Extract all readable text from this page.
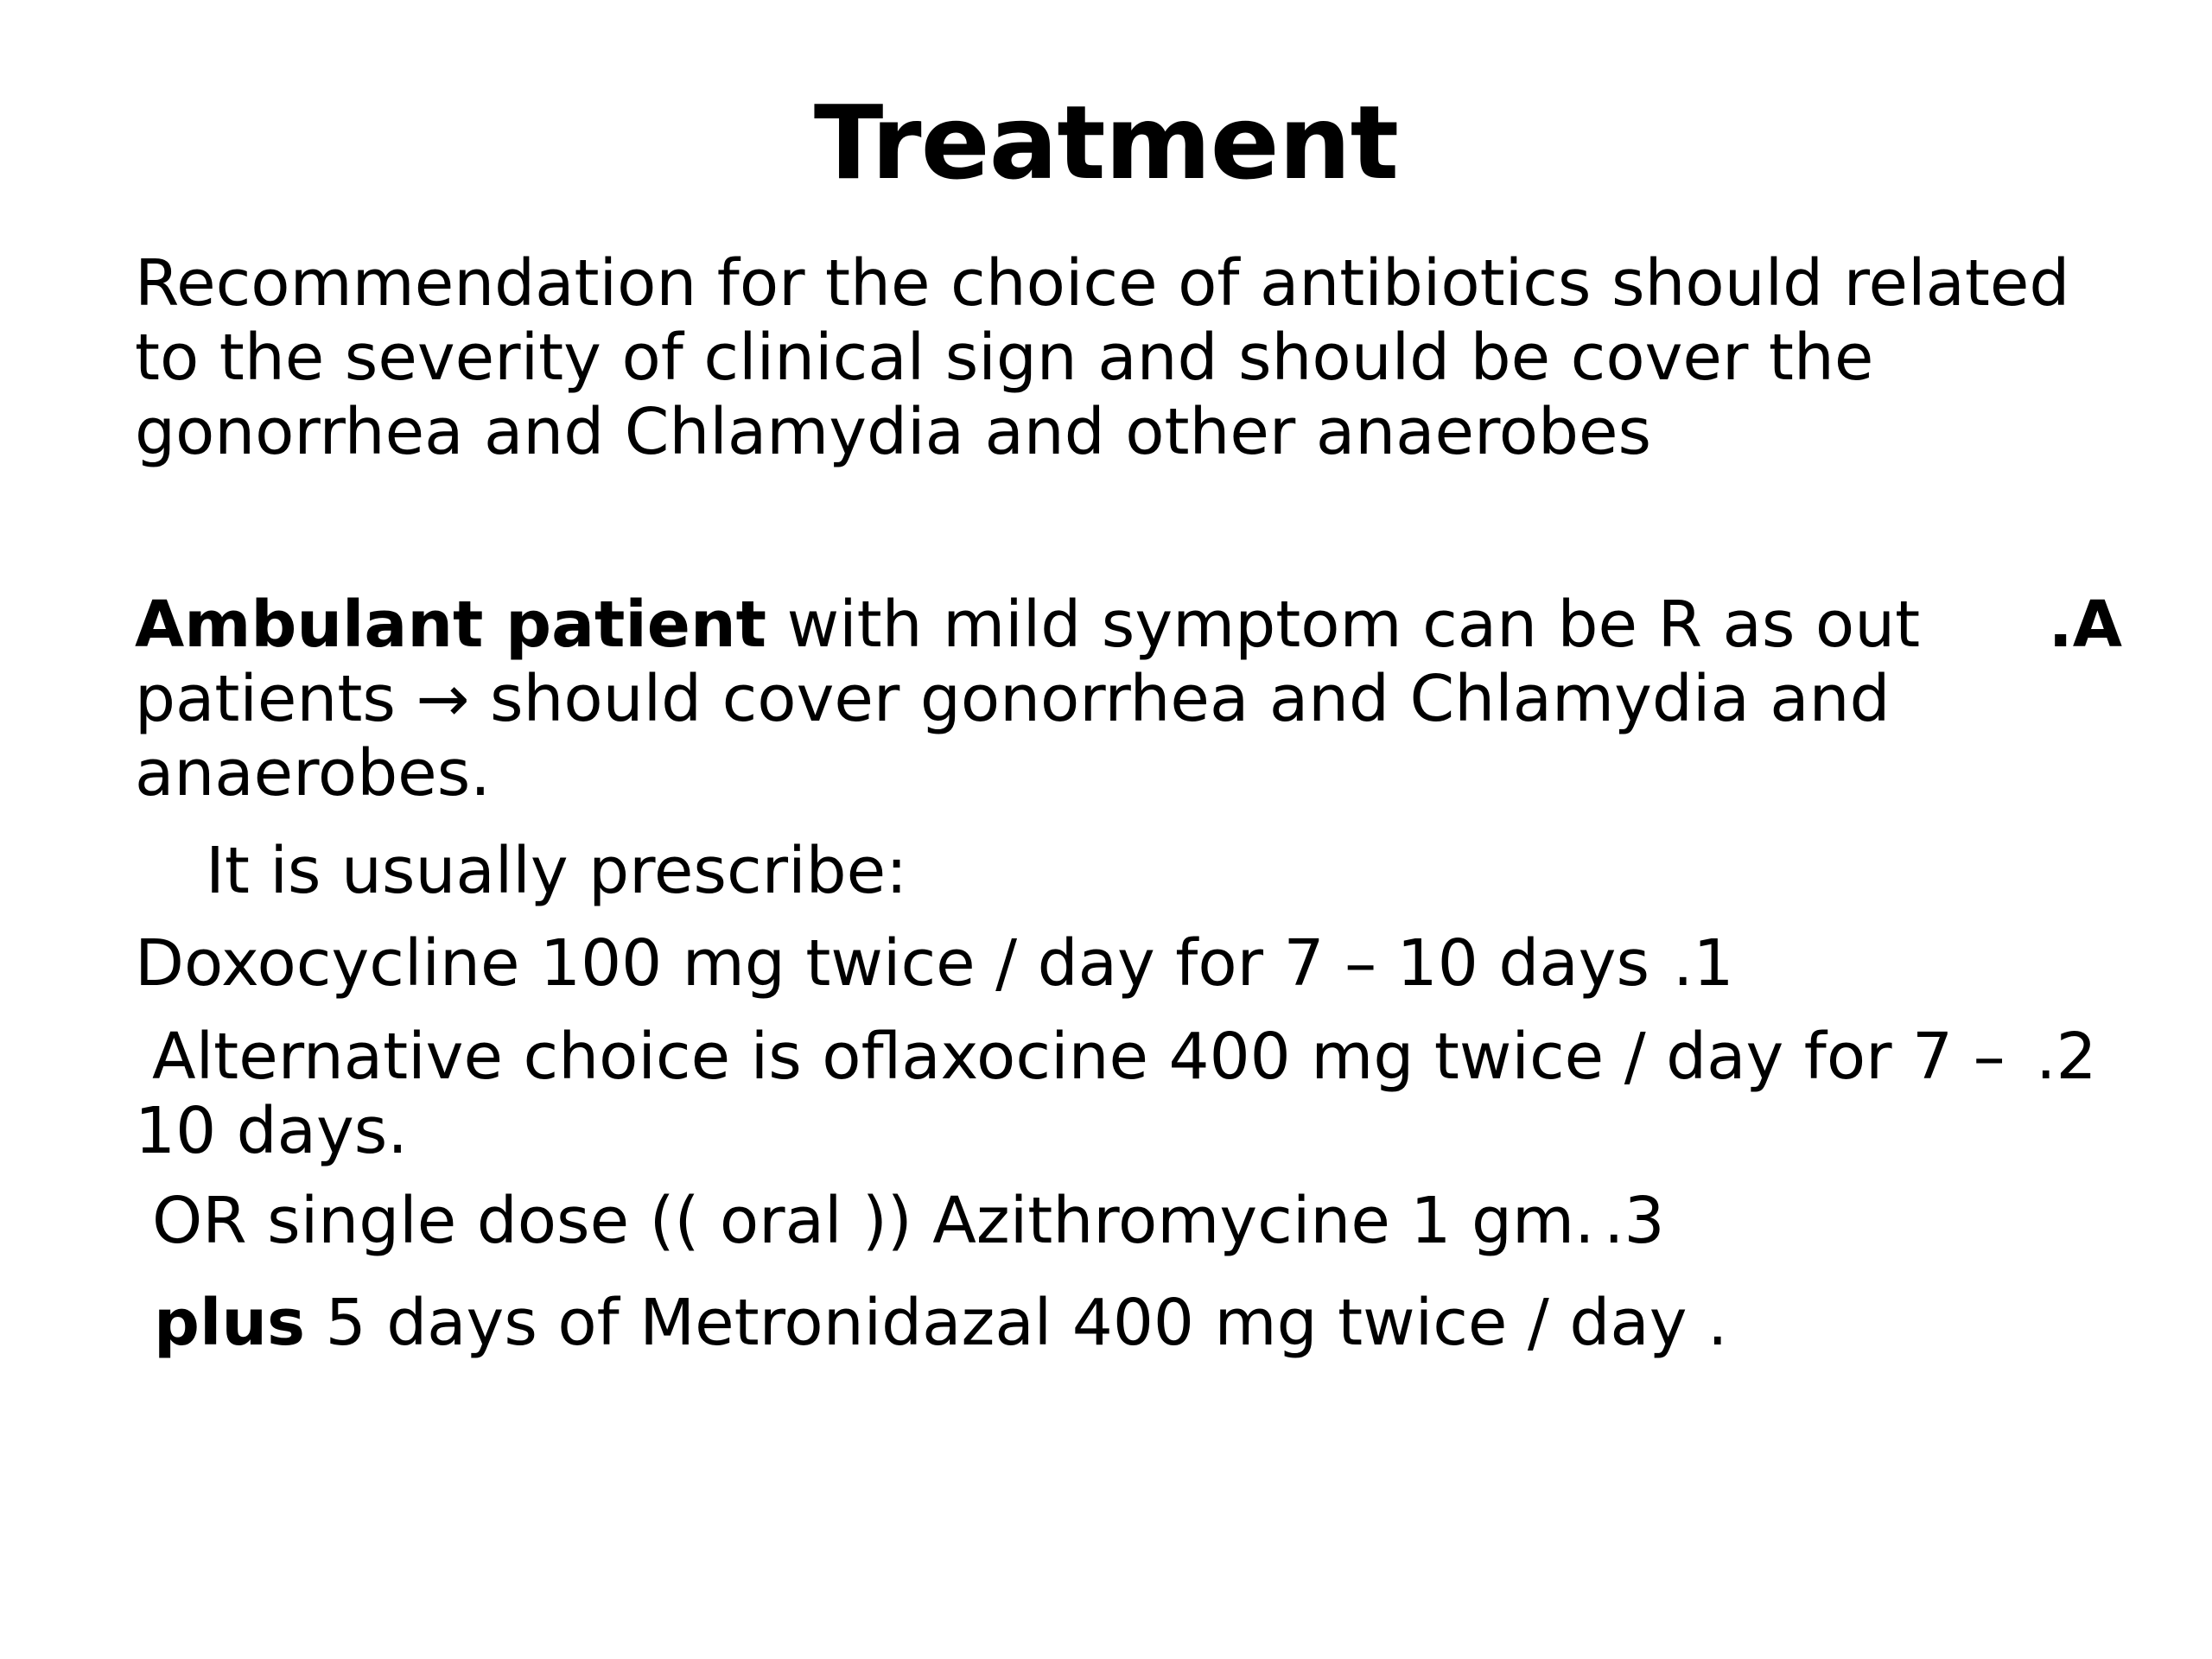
Treatment
Recommendation for the choice of antibiotics should related
to the severity of clinical sign and should be cover the
gonorrhea and Chlamydia and other anaerobes
Ambulant patient with mild symptom can be R as out .A
patients → should cover gonorrhea and Chlamydia and
anaerobes.
It is usually prescribe:
Doxocycline 100 mg twice / day for 7 – 10 days .1
Alternative choice is oflaxocine 400 mg twice / day for 7 – .2
10 days.
OR single dose (( oral )) Azithromycine 1 gm. .3
plus 5 days of Metronidazal 400 mg twice / day .
